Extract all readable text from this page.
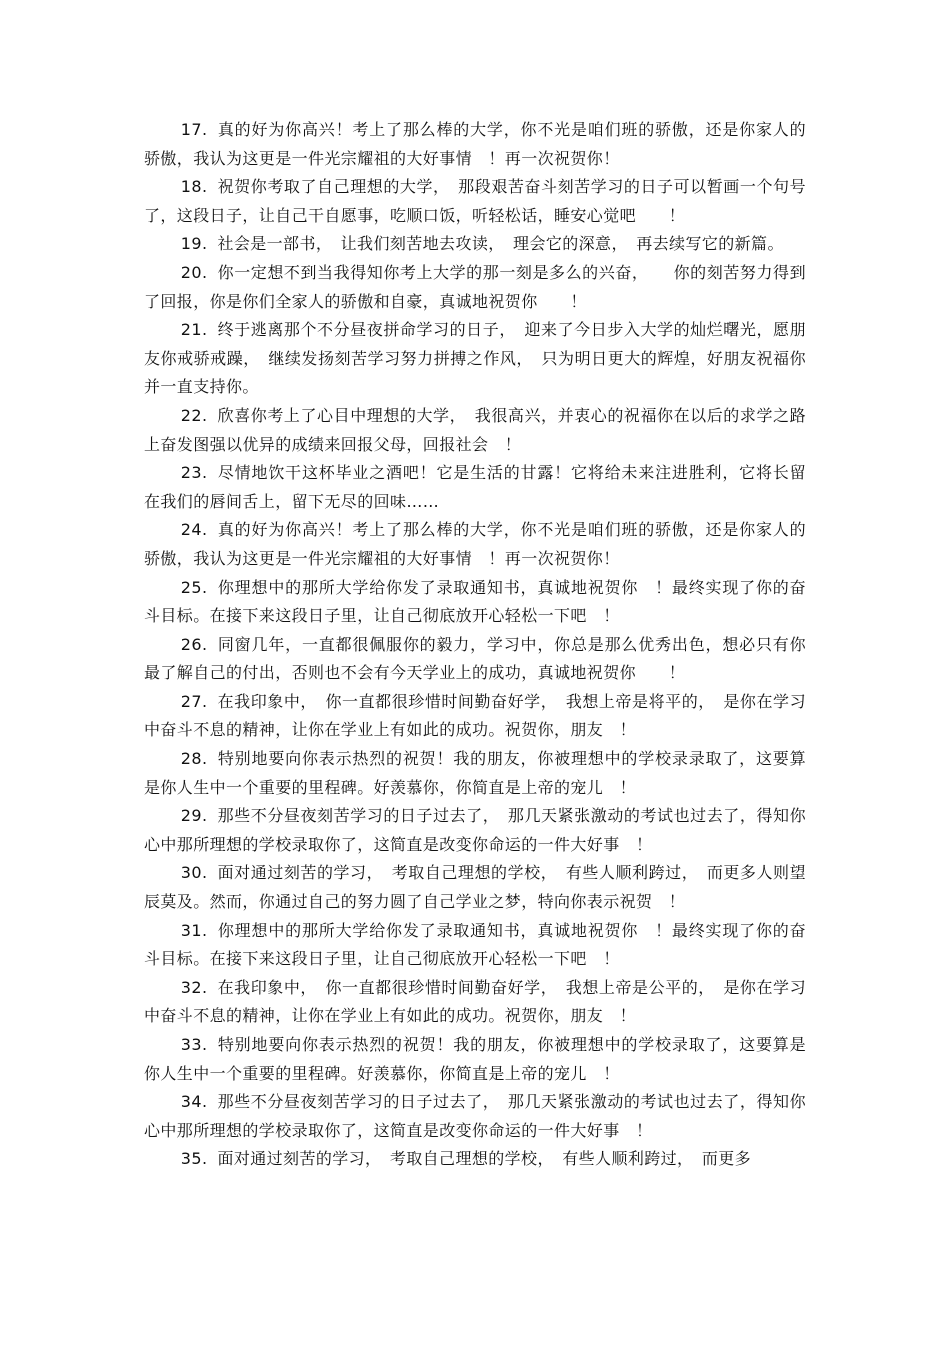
17. 真的好为你高兴！考上了那么棒的大学，你不光是咱们班的骄傲，还是你家人的骄傲，我认为这更是一件光宗耀祖的大好事情　！再一次祝贺你！

18. 祝贺你考取了自己理想的大学，　那段艰苦奋斗刻苦学习的日子可以暂画一个句号了，这段日子，让自己干自愿事，吃顺口饭，听轻松话，睡安心觉吧　　！

19. 社会是一部书，　让我们刻苦地去攻读，　理会它的深意，　再去续写它的新篇。

20. 你一定想不到当我得知你考上大学的那一刻是多么的兴奋，　　你的刻苦努力得到了回报，你是你们全家人的骄傲和自豪，真诚地祝贺你　　！

21. 终于逃离那个不分昼夜拼命学习的日子，　迎来了今日步入大学的灿烂曙光，愿朋友你戒骄戒躁，　继续发扬刻苦学习努力拼搏之作风，　只为明日更大的辉煌，好朋友祝福你并一直支持你。

22. 欣喜你考上了心目中理想的大学，　我很高兴，并衷心的祝福你在以后的求学之路上奋发图强以优异的成绩来回报父母，回报社会　！

23. 尽情地饮干这杯毕业之酒吧！它是生活的甘露！它将给未来注进胜利，它将长留在我们的唇间舌上，留下无尽的回味……

24. 真的好为你高兴！考上了那么棒的大学，你不光是咱们班的骄傲，还是你家人的骄傲，我认为这更是一件光宗耀祖的大好事情　！再一次祝贺你！

25. 你理想中的那所大学给你发了录取通知书，真诚地祝贺你　！最终实现了你的奋斗目标。在接下来这段日子里，让自己彻底放开心轻松一下吧　！

26. 同窗几年，一直都很佩服你的毅力，学习中，你总是那么优秀出色，想必只有你最了解自己的付出，否则也不会有今天学业上的成功，真诚地祝贺你　　！

27. 在我印象中，　你一直都很珍惜时间勤奋好学，　我想上帝是将平的，　是你在学习中奋斗不息的精神，让你在学业上有如此的成功。祝贺你，朋友　！

28. 特别地要向你表示热烈的祝贺！我的朋友，你被理想中的学校录录取了，这要算是你人生中一个重要的里程碑。好羡慕你，你简直是上帝的宠儿　！

29. 那些不分昼夜刻苦学习的日子过去了，　那几天紧张激动的考试也过去了，得知你心中那所理想的学校录取你了，这简直是改变你命运的一件大好事　！

30. 面对通过刻苦的学习，　考取自己理想的学校，　有些人顺利跨过，　而更多人则望辰莫及。然而，你通过自己的努力圆了自己学业之梦，特向你表示祝贺　！

31. 你理想中的那所大学给你发了录取通知书，真诚地祝贺你　！最终实现了你的奋斗目标。在接下来这段日子里，让自己彻底放开心轻松一下吧　！

32. 在我印象中，　你一直都很珍惜时间勤奋好学，　我想上帝是公平的，　是你在学习中奋斗不息的精神，让你在学业上有如此的成功。祝贺你，朋友　！

33. 特别地要向你表示热烈的祝贺！我的朋友，你被理想中的学校录取了，这要算是你人生中一个重要的里程碑。好羡慕你，你简直是上帝的宠儿　！

34. 那些不分昼夜刻苦学习的日子过去了，　那几天紧张激动的考试也过去了，得知你心中那所理想的学校录取你了，这简直是改变你命运的一件大好事　！

35. 面对通过刻苦的学习，　考取自己理想的学校，　有些人顺利跨过，　而更多
